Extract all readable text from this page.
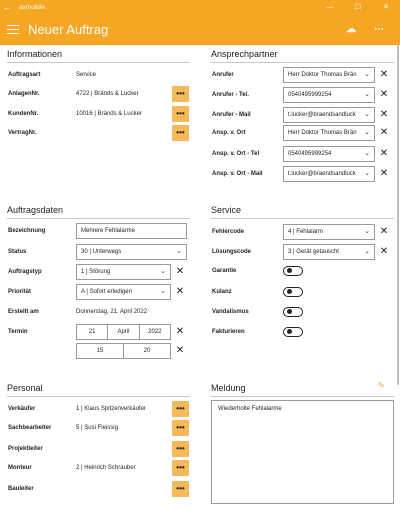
←	asmobile	—	☐	✕
Neuer Auftrag	☁ ⋯
Informationen
Auftragsart	Service
AnlagenNr.	4722 | Bränds & Lucker	•••
KundenNr.	10016 | Bränds & Lucker	•••
VertragNr.	•••
Ansprechpartner
Anrufer	Herr Doktor Thomas Brän	⌄ ✕
Anrufer - Tel.	0540495999254	⌄ ✕
Anrufer - Mail	t.lucker@braendsandluck	⌄ ✕
Ansp. v. Ort	Herr Doktor Thomas Brän	⌄ ✕
Ansp. v. Ort - Tel	0540495999254	⌄ ✕
Ansp. v. Ort - Mail	t.lucker@braendsandluck	⌄ ✕
Auftragsdaten
Bezeichnung	Mehrere Fehlalarme
Status	30 | Unterwegs	⌄
Auftragstyp	1 | Störung	⌄ ✕
Priorität	A | Sofort erledigen	⌄ ✕
Erstellt am	Donnerstag, 21. April 2022
Termin	21	April	2022	✕
15	20	✕
Service
Fehlercode	4 | Fehlalarm	⌄ ✕
Lösungscode	3 | Gerät getauscht	⌄ ✕
Garantie
Kulanz
Vandalismus
Fakturieren
Personal
Verkäufer	1 | Klaus Spitzenverkäufer	•••
Sachbearbeiter	5 | Susi Fleissig	•••
Projektleiter	•••
Monteur	2 | Heinrich Schrauber	•••
Bauleiter	•••
Meldung	✎
Wiederholte Fehlalarme
